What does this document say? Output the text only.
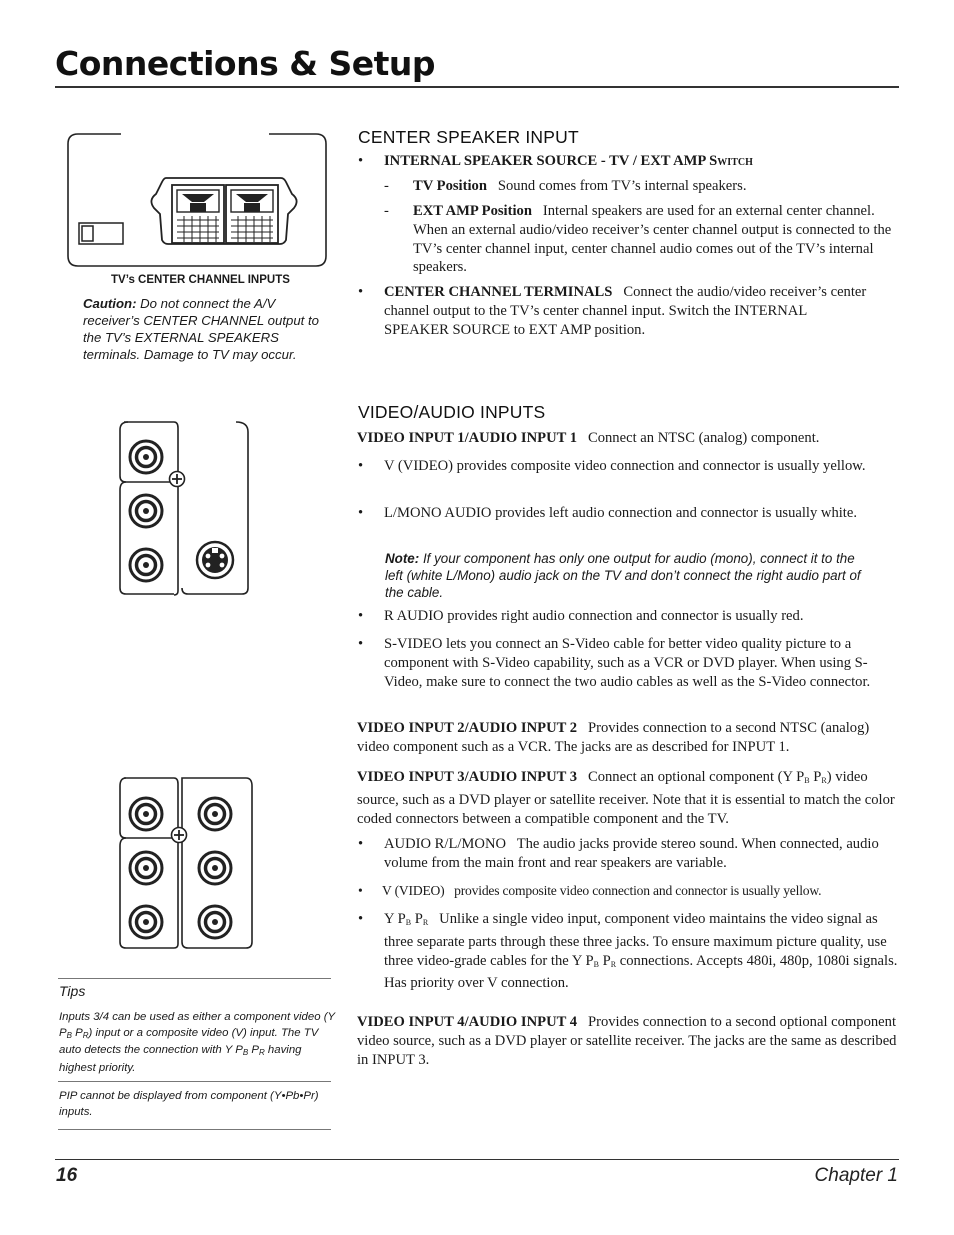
Connections & Setup
TV’s CENTER CHANNEL INPUTS
Caution: Do not connect the A/V receiver’s CENTER CHANNEL output to the TV’s EXTERNAL SPEAKERS terminals. Damage to TV may occur.
Tips
Inputs 3/4 can be used as either a component video (Y $P_B$ $P_R$) input or a composite video (V) input. The TV auto detects the connection with Y $P_B$ $P_R$ having highest priority.
PIP cannot be displayed from component (Y•Pb•Pr) inputs.
CENTER SPEAKER INPUT
• INTERNAL SPEAKER SOURCE - TV / EXT AMP Switch
- TV Position Sound comes from TV’s internal speakers.
- EXT AMP Position Internal speakers are used for an external center channel. When an external audio/video receiver’s center channel output is connected to the TV’s center channel input, center channel audio comes out of the TV’s internal speakers.
• CENTER CHANNEL TERMINALS Connect the audio/video receiver’s center channel output to the TV’s center channel input. Switch the INTERNAL SPEAKER SOURCE to EXT AMP position.
VIDEO/AUDIO INPUTS
VIDEO INPUT 1/AUDIO INPUT 1 Connect an NTSC (analog) component.
• V (VIDEO) provides composite video connection and connector is usually yellow.
• L/MONO AUDIO provides left audio connection and connector is usually white.
Note: If your component has only one output for audio (mono), connect it to the left (white L/Mono) audio jack on the TV and don’t connect the right audio part of the cable.
• R AUDIO provides right audio connection and connector is usually red.
• S-VIDEO lets you connect an S-Video cable for better video quality picture to a component with S-Video capability, such as a VCR or DVD player. When using S-Video, make sure to connect the two audio cables as well as the S-Video connector.
VIDEO INPUT 2/AUDIO INPUT 2 Provides connection to a second NTSC (analog) video component such as a VCR. The jacks are as described for INPUT 1.
VIDEO INPUT 3/AUDIO INPUT 3 Connect an optional component (Y $P_B$ $P_R$) video source, such as a DVD player or satellite receiver. Note that it is essential to match the color coded connectors between a compatible component and the TV.
• AUDIO R/L/MONO The audio jacks provide stereo sound. When connected, audio volume from the main front and rear speakers are variable.
• V (VIDEO) provides composite video connection and connector is usually yellow.
• Y $P_B$ $P_R$ Unlike a single video input, component video maintains the video signal as three separate parts through these three jacks. To ensure maximum picture quality, use three video-grade cables for the Y $P_B$ $P_R$ connections. Accepts 480i, 480p, 1080i signals. Has priority over V connection.
VIDEO INPUT 4/AUDIO INPUT 4 Provides connection to a second optional component video source, such as a DVD player or satellite receiver. The jacks are the same as described in INPUT 3.
16	Chapter 1
